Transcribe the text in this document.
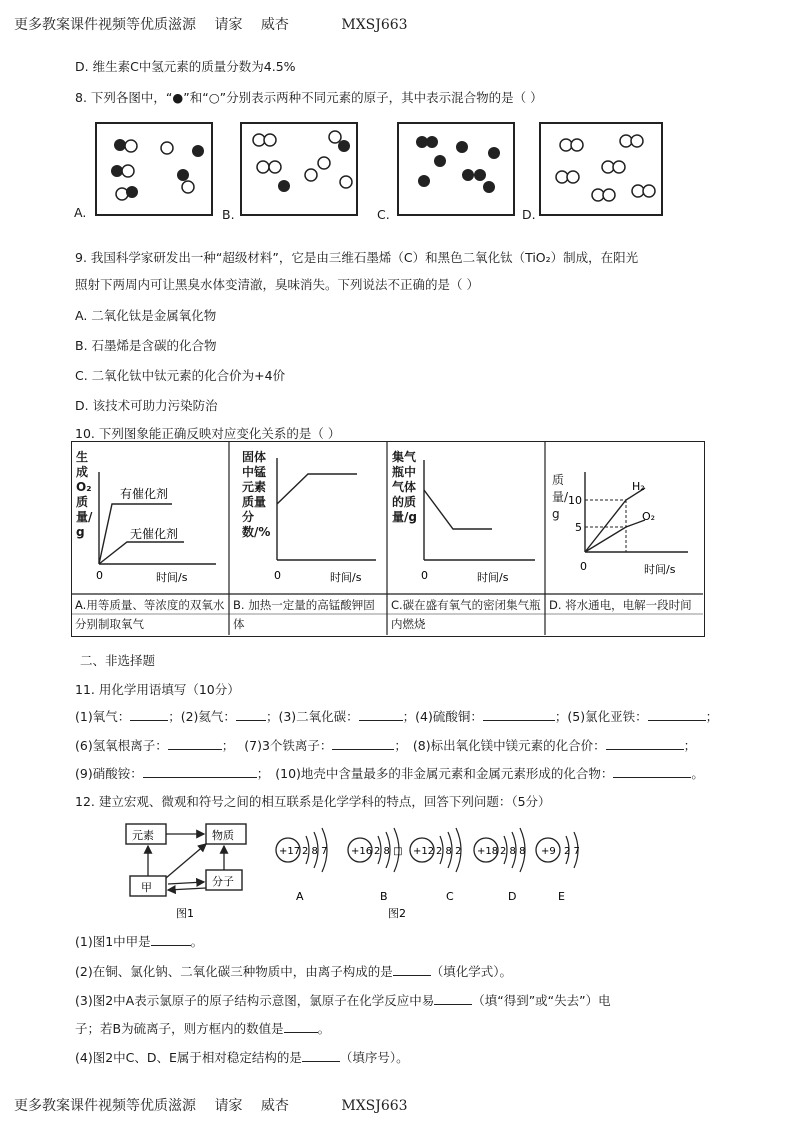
更多教案课件视频等优质滋源 请家 威杏	MXSJ663
D. 维生素C中氢元素的质量分数为4.5%
8. 下列各图中，“●”和“○”分别表示两种不同元素的原子，其中表示混合物的是（ ）
A.	B.	C.	D.
9. 我国科学家研发出一种“超级材料”，它是由三维石墨烯（C）和黑色二氧化钛（TiO₂）制成，在阳光
照射下两周内可让黑臭水体变清澈，臭味消失。下列说法不正确的是（ ）
A. 二氧化钛是金属氧化物
B. 石墨烯是含碳的化合物
C. 二氧化钛中钛元素的化合价为+4价
D. 该技术可助力污染防治
10. 下列图象能正确反映对应变化关系的是（ ）
有催化剂
无催化剂
0	时间/s
生成O₂质量/g
0	时间/s
固体中锰元素质量分数/%
0	时间/s
集气瓶中气体的质量/g
10
5
H₂
O₂
0	时间/s
质量/g
A.用等质量、等浓度的双氧水分别制取氧气
B. 加热一定量的高锰酸钾固体
C.碳在盛有氧气的密闭集气瓶内燃烧
D. 将水通电，电解一段时间
二、非选择题
11. 用化学用语填写（10分）
(1)氧气：	；(2)氦气： ；(3)二氧化碳：	；(4)硫酸铜：	；(5)氯化亚铁：	；
(6)氢氧根离子：	； (7)3个铁离子：	； (8)标出氧化镁中镁元素的化合价：	；
(9)硝酸铵：	； (10)地壳中含量最多的非金属元素和金属元素形成的化合物：	。
12. 建立宏观、微观和符号之间的相互联系是化学学科的特点，回答下列问题：（5分）
元素	物质
甲	分子
图1
+17 2 8 7
A
+16 2 8 □
B
+12 2 8 2
C
+18 2 8 8
D
+9 2 7
E
图2
(1)图1中甲是	。
(2)在铜、氯化钠、二氧化碳三种物质中，由离子构成的是	（填化学式）。
(3)图2中A表示氯原子的原子结构示意图，氯原子在化学反应中易	（填“得到”或“失去”）电
子；若B为硫离子，则方框内的数值是	。
(4)图2中C、D、E属于相对稳定结构的是	（填序号）。
更多教案课件视频等优质滋源 请家 威杏	MXSJ663
